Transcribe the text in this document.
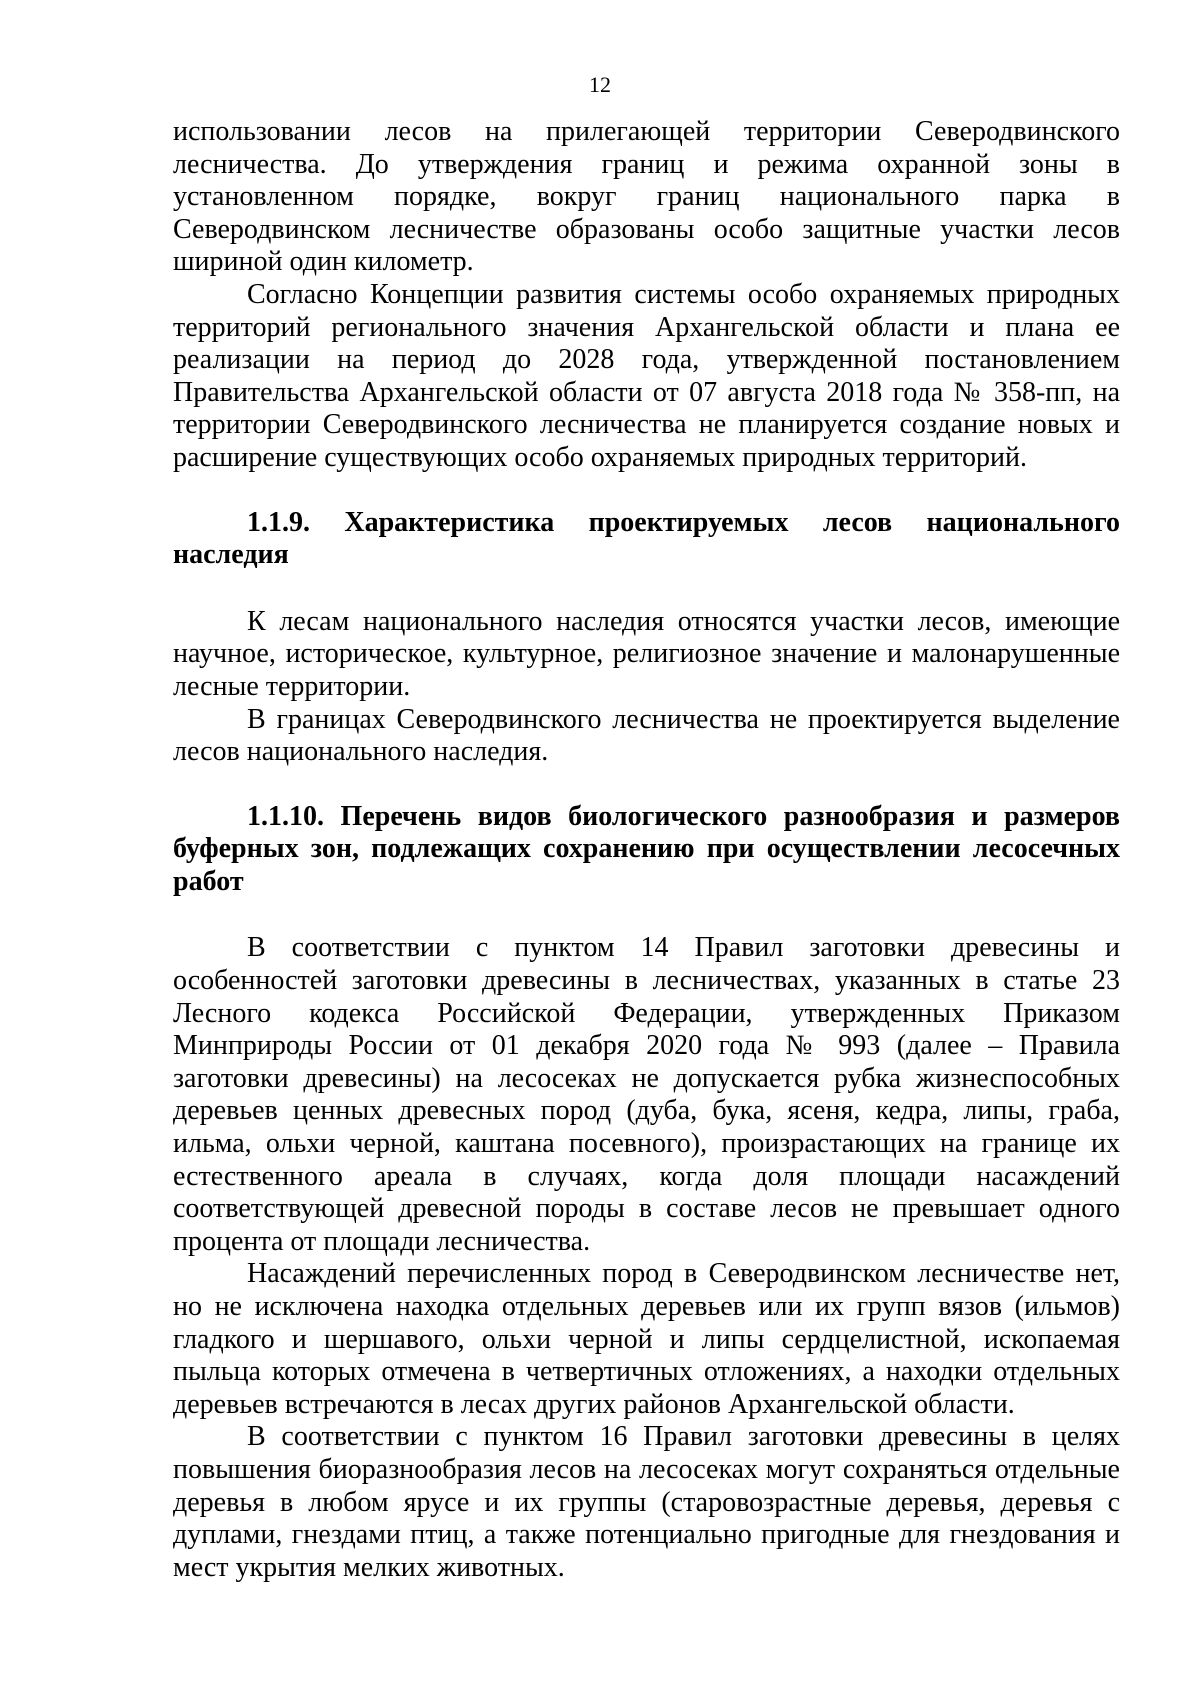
12

использовании лесов на прилегающей территории Северодвинского лесничества. До утверждения границ и режима охранной зоны в установленном порядке, вокруг границ национального парка в Северодвинском лесничестве образованы особо защитные участки лесов шириной один километр.

Согласно Концепции развития системы особо охраняемых природных территорий регионального значения Архангельской области и плана ее реализации на период до 2028 года, утвержденной постановлением Правительства Архангельской области от 07 августа 2018 года № 358-пп, на территории Северодвинского лесничества не планируется создание новых и расширение существующих особо охраняемых природных территорий.

1.1.9. Характеристика проектируемых лесов национального наследия

К лесам национального наследия относятся участки лесов, имеющие научное, историческое, культурное, религиозное значение и малонарушенные лесные территории.

В границах Северодвинского лесничества не проектируется выделение лесов национального наследия.

1.1.10. Перечень видов биологического разнообразия и размеров буферных зон, подлежащих сохранению при осуществлении лесосечных работ

В соответствии с пунктом 14 Правил заготовки древесины и особенностей заготовки древесины в лесничествах, указанных в статье 23 Лесного кодекса Российской Федерации, утвержденных Приказом Минприроды России от 01 декабря 2020 года № 993 (далее – Правила заготовки древесины) на лесосеках не допускается рубка жизнеспособных деревьев ценных древесных пород (дуба, бука, ясеня, кедра, липы, граба, ильма, ольхи черной, каштана посевного), произрастающих на границе их естественного ареала в случаях, когда доля площади насаждений соответствующей древесной породы в составе лесов не превышает одного процента от площади лесничества.

Насаждений перечисленных пород в Северодвинском лесничестве нет, но не исключена находка отдельных деревьев или их групп вязов (ильмов) гладкого и шершавого, ольхи черной и липы сердцелистной, ископаемая пыльца которых отмечена в четвертичных отложениях, а находки отдельных деревьев встречаются в лесах других районов Архангельской области.

В соответствии с пунктом 16 Правил заготовки древесины в целях повышения биоразнообразия лесов на лесосеках могут сохраняться отдельные деревья в любом ярусе и их группы (старовозрастные деревья, деревья с дуплами, гнездами птиц, а также потенциально пригодные для гнездования и мест укрытия мелких животных.
